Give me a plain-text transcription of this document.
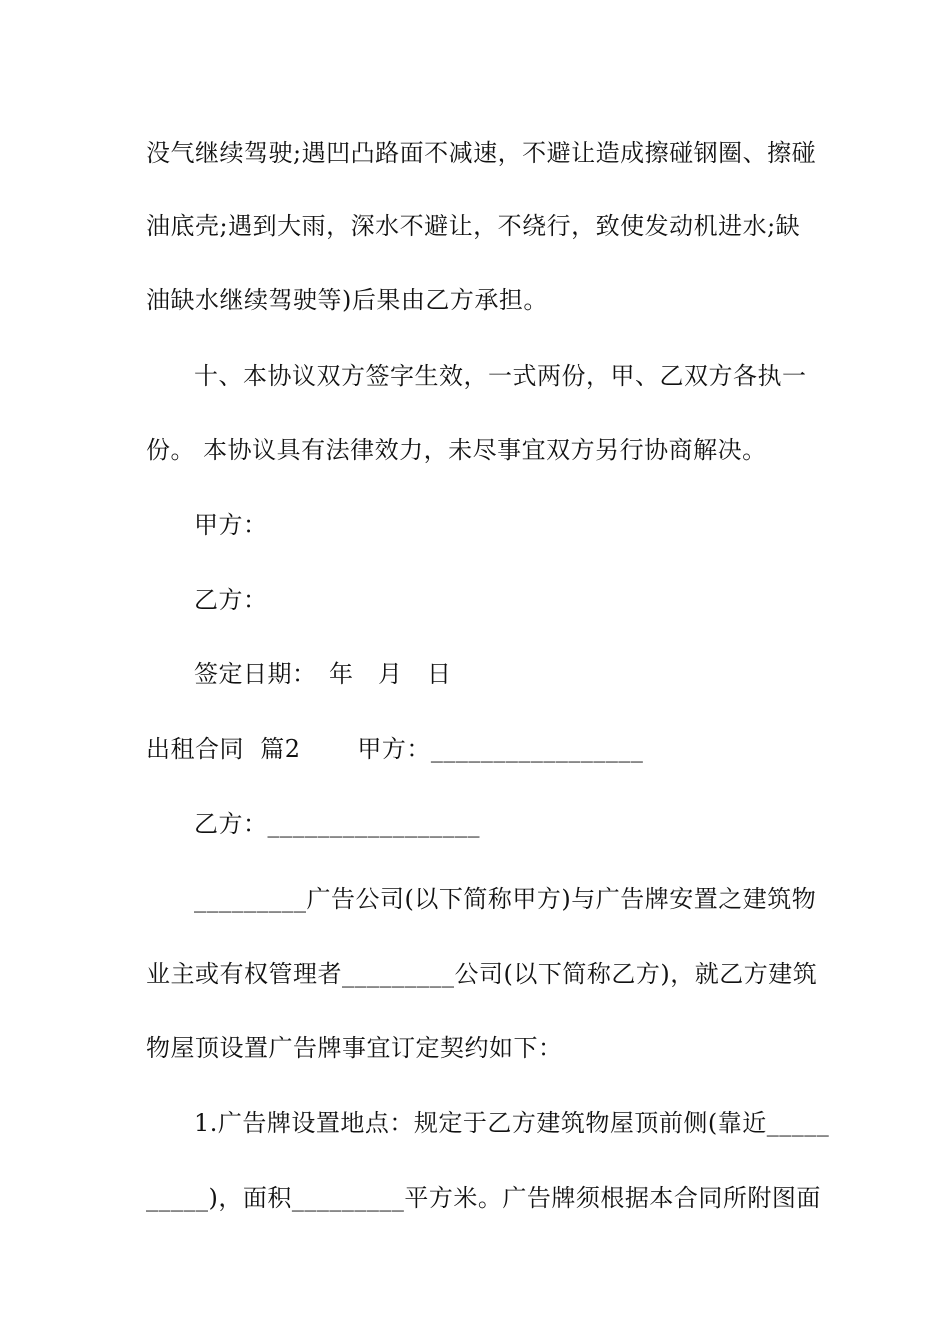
没气继续驾驶;遇凹凸路面不减速，不避让造成擦碰钢圈、擦碰
油底壳;遇到大雨，深水不避让，不绕行，致使发动机进水;缺
油缺水继续驾驶等)后果由乙方承担。
十、本协议双方签字生效，一式两份，甲、乙双方各执一
份。 本协议具有法律效力，未尽事宜双方另行协商解决。
甲方：
乙方：
签定日期：　年　月　日
出租合同  篇2       甲方：_________________
乙方：_________________
_________广告公司(以下简称甲方)与广告牌安置之建筑物
业主或有权管理者_________公司(以下简称乙方)，就乙方建筑
物屋顶设置广告牌事宜订定契约如下：
1.广告牌设置地点：规定于乙方建筑物屋顶前侧(靠近_____
_____)，面积_________平方米。广告牌须根据本合同所附图面
